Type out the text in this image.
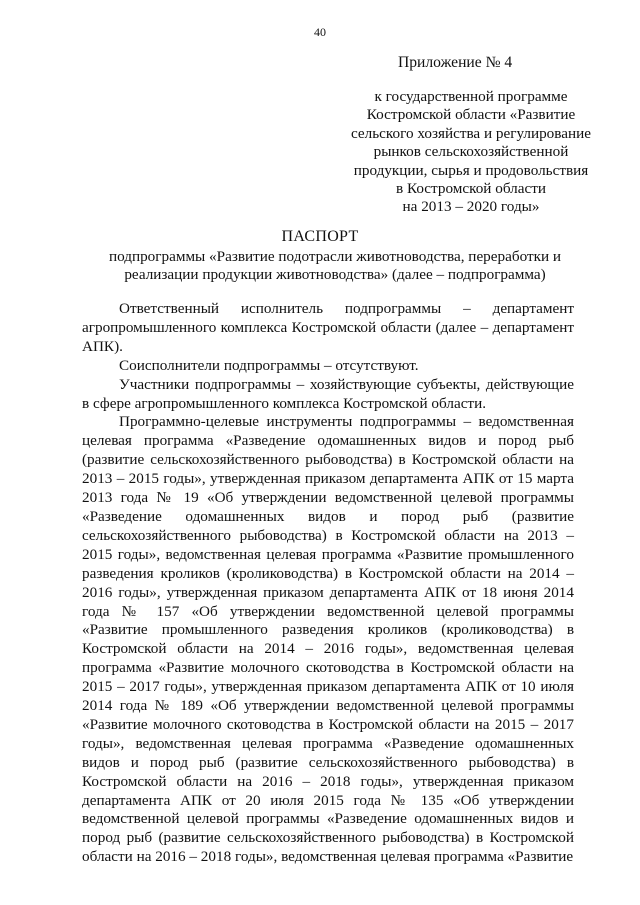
40
Приложение № 4
к государственной программе
Костромской области «Развитие
сельского хозяйства и регулирование
рынков сельскохозяйственной
продукции, сырья и продовольствия
в Костромской области
на 2013 – 2020 годы»
ПАСПОРТ
подпрограммы «Развитие подотрасли животноводства, переработки и
реализации продукции животноводства» (далее – подпрограмма)

Ответственный исполнитель подпрограммы – департамент агропромышленного комплекса Костромской области (далее – департамент АПК).

Соисполнители подпрограммы – отсутствуют.

Участники подпрограммы – хозяйствующие субъекты, действующие в сфере агропромышленного комплекса Костромской области.

Программно-целевые инструменты подпрограммы – ведомственная целевая программа «Разведение одомашненных видов и пород рыб (развитие сельскохозяйственного рыбоводства) в Костромской области на 2013 – 2015 годы», утвержденная приказом департамента АПК от 15 марта 2013 года № 19 «Об утверждении ведомственной целевой программы «Разведение одомашненных видов и пород рыб (развитие сельскохозяйственного рыбоводства) в Костромской области на 2013 – 2015 годы», ведомственная целевая программа «Развитие промышленного разведения кроликов (кролиководства) в Костромской области на 2014 – 2016 годы», утвержденная приказом департамента АПК от 18 июня 2014 года № 157 «Об утверждении ведомственной целевой программы «Развитие промышленного разведения кроликов (кролиководства) в Костромской области на 2014 – 2016 годы», ведомственная целевая программа «Развитие молочного скотоводства в Костромской области на 2015 – 2017 годы», утвержденная приказом департамента АПК от 10 июля 2014 года № 189 «Об утверждении ведомственной целевой программы «Развитие молочного скотоводства в Костромской области на 2015 – 2017 годы», ведомственная целевая программа «Разведение одомашненных видов и пород рыб (развитие сельскохозяйственного рыбоводства) в Костромской области на 2016 – 2018 годы», утвержденная приказом департамента АПК от 20 июля 2015 года № 135 «Об утверждении ведомственной целевой программы «Разведение одомашненных видов и пород рыб (развитие сельскохозяйственного рыбоводства) в Костромской области на 2016 – 2018 годы», ведомственная целевая программа «Развитие
